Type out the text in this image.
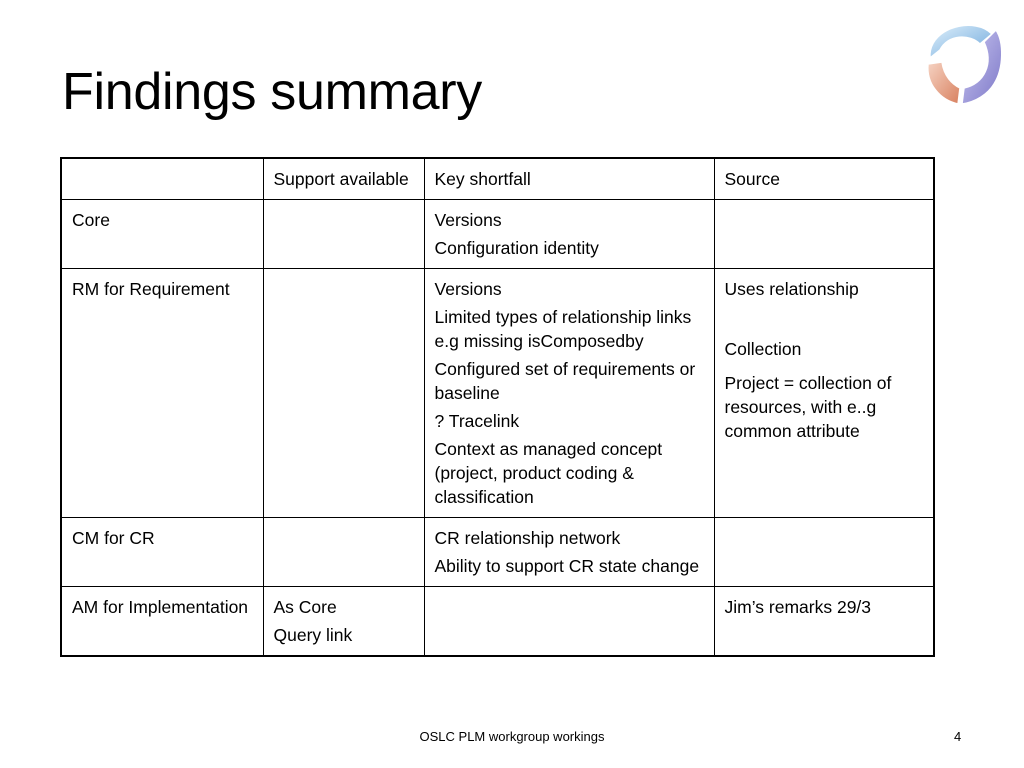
Findings summary
	Support available	Key shortfall	Source
Core		Versions
Configuration identity	

RM for Requirement		Versions
Limited types of relationship links e.g missing isComposedby
Configured set of requirements or baseline
? Tracelink
Context as managed concept (project, product coding & classification	Uses relationship
Collection
Project = collection of resources, with e..g common attribute

CM for CR		CR relationship network
Ability to support CR state change	

AM for Implementation	As Core
Query link		Jim’s remarks 29/3
OSLC PLM workgroup workings	4
